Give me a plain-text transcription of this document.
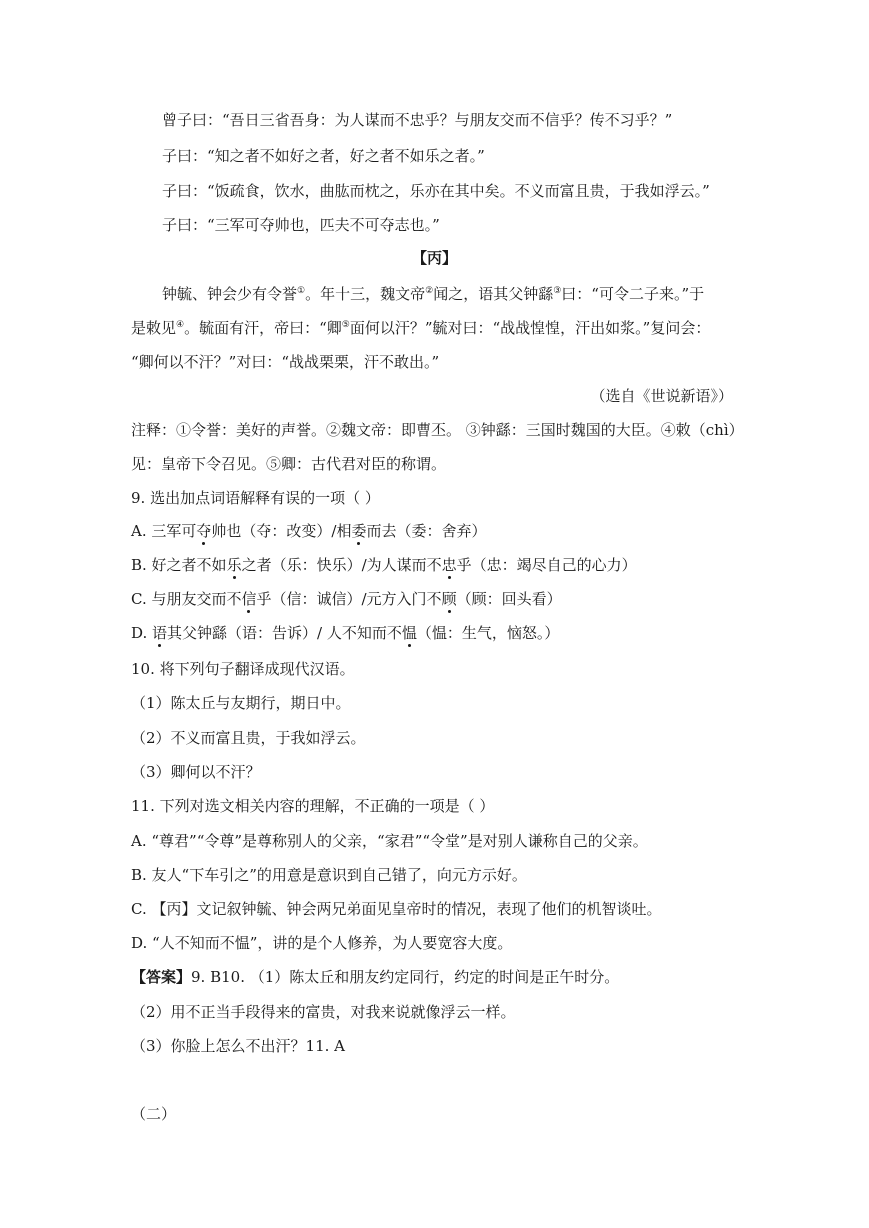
曾子曰：“吾日三省吾身：为人谋而不忠乎？与朋友交而不信乎？传不习乎？”
子曰：“知之者不如好之者，好之者不如乐之者。”
子曰：“饭疏食，饮水，曲肱而枕之，乐亦在其中矣。不义而富且贵，于我如浮云。”
子曰：“三军可夺帅也，匹夫不可夺志也。”
【丙】
钟毓、钟会少有令誉①。年十三，魏文帝②闻之，语其父钟繇③曰：“可令二子来。”于
是敕见④。毓面有汗，帝曰：“卿⑤面何以汗？”毓对曰：“战战惶惶，汗出如浆。”复问会：
“卿何以不汗？”对曰：“战战栗栗，汗不敢出。”
（选自《世说新语》）
注释：①令誉：美好的声誉。②魏文帝：即曹丕。 ③钟繇：三国时魏国的大臣。④敕（chì）
见：皇帝下令召见。⑤卿：古代君对臣的称谓。
9. 选出加点词语解释有误的一项（ ）
A. 三军可夺帅也（夺：改变）/相委而去（委：舍弃）
B. 好之者不如乐之者（乐：快乐）/为人谋而不忠乎（忠：竭尽自己的心力）
C. 与朋友交而不信乎（信：诚信）/元方入门不顾（顾：回头看）
D. 语其父钟繇（语：告诉）/ 人不知而不愠（愠：生气，恼怒。）
10. 将下列句子翻译成现代汉语。
（1）陈太丘与友期行，期日中。
（2）不义而富且贵，于我如浮云。
（3）卿何以不汗？
11. 下列对选文相关内容的理解，不正确的一项是（ ）
A. “尊君”“令尊”是尊称别人的父亲，“家君”“令堂”是对别人谦称自己的父亲。
B. 友人“下车引之”的用意是意识到自己错了，向元方示好。
C. 【丙】文记叙钟毓、钟会两兄弟面见皇帝时的情况，表现了他们的机智谈吐。
D. “人不知而不愠”，讲的是个人修养，为人要宽容大度。
【答案】9. B10. （1）陈太丘和朋友约定同行，约定的时间是正午时分。
（2）用不正当手段得来的富贵，对我来说就像浮云一样。
（3）你脸上怎么不出汗？11. A
（二）
